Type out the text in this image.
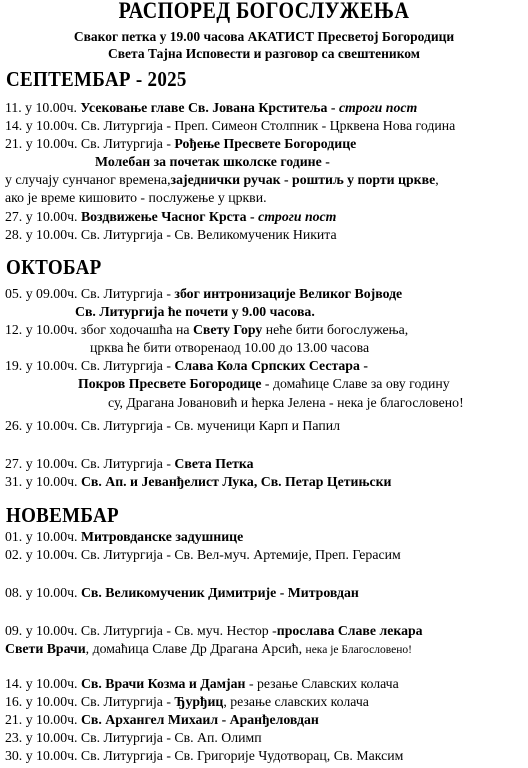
РАСПОРЕД БОГОСЛУЖЕЊА
Сваког петка у 19.00 часова АКАТИСТ Пресветој Богородици
Света Тајна Исповести и разговор са свештеником
СЕПТЕМБАР - 2025
11. у 10.00ч. Усековање главе Св. Јована Крститеља - строги пост
14. у 10.00ч. Св. Литургија - Преп. Симеон Столпник - Црквена Нова година
21. у 10.00ч. Св. Литургија - Рођење Пресвете Богородице
Молебан за почетак школске године -
у случају сунчаног времена,заједнички ручак - роштиљ у порти цркве,
ако је време кишовито - послужење у цркви.
27. у 10.00ч. Воздвижење Часног Крста - строги пост
28. у 10.00ч. Св. Литургија - Св. Великомученик Никита
ОКТОБАР
05. у 09.00ч. Св. Литургија - због интронизације Великог Војводе
Св. Литургија ће почети у 9.00 часова.
12. у 10.00ч. због ходочашћа на Свету Гору неће бити богослужења,
црква ће бити отворенаод 10.00 до 13.00 часова
19. у 10.00ч. Св. Литургија - Слава Кола Српских Сестара -
Покров Пресвете Богородице - домаћице Славе за ову годину
су, Драгана Јовановић и ћерка Јелена - нека је благословено!
26. у 10.00ч. Св. Литургија - Св. мученици Карп и Папил
27. у 10.00ч. Св. Литургија - Света Петка
31. у 10.00ч. Св. Ап. и Јеванђелист Лука, Св. Петар Цетињски
НОВЕМБАР
01. у 10.00ч. Митровданске задушнице
02. у 10.00ч. Св. Литургија - Св. Вел-муч. Артемије, Преп. Герасим
08. у 10.00ч. Св. Великомученик Димитрије - Митровдан
09. у 10.00ч. Св. Литургија - Св. муч. Нестор -прослава Славе лекара
Свети Врачи, домаћица Славе Др Драгана Арсић, нека је Благословено!
14. у 10.00ч. Св. Врачи Козма и Дамјан - резање Славских колача
16. у 10.00ч. Св. Литургија - Ђурђиц, резање славских колача
21. у 10.00ч. Св. Архангел Михаил - Аранђеловдан
23. у 10.00ч. Св. Литургија - Св. Ап. Олимп
30. у 10.00ч. Св. Литургија - Св. Григорије Чудотворац, Св. Максим
